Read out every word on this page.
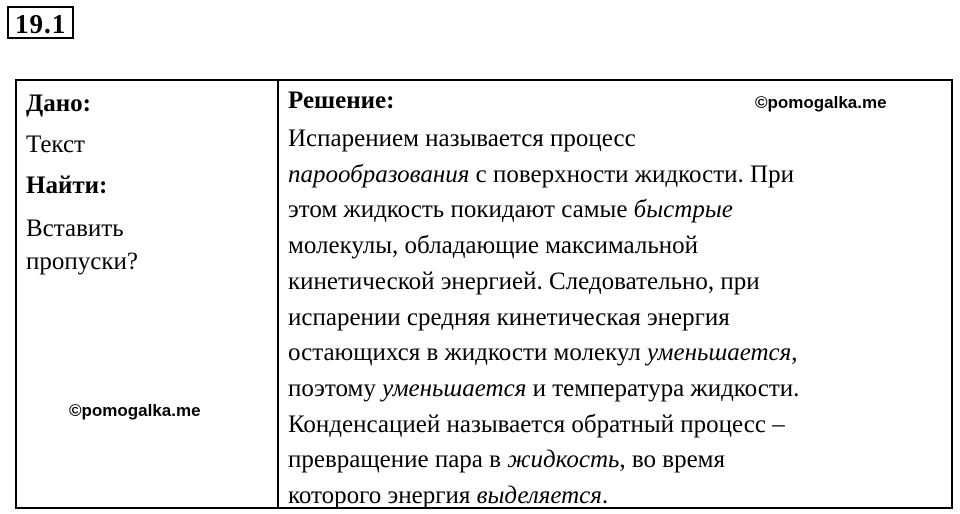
19.1
Дано:
Текст
Найти:
Вставить
пропуски?
©pomogalka.me
Решение:	©pomogalka.me
Испарением называется процесс
парообразования с поверхности жидкости. При
этом жидкость покидают самые быстрые
молекулы, обладающие максимальной
кинетической энергией. Следовательно, при
испарении средняя кинетическая энергия
остающихся в жидкости молекул уменьшается,
поэтому уменьшается и температура жидкости.
Конденсацией называется обратный процесс –
превращение пара в жидкость, во время
которого энергия выделяется.
